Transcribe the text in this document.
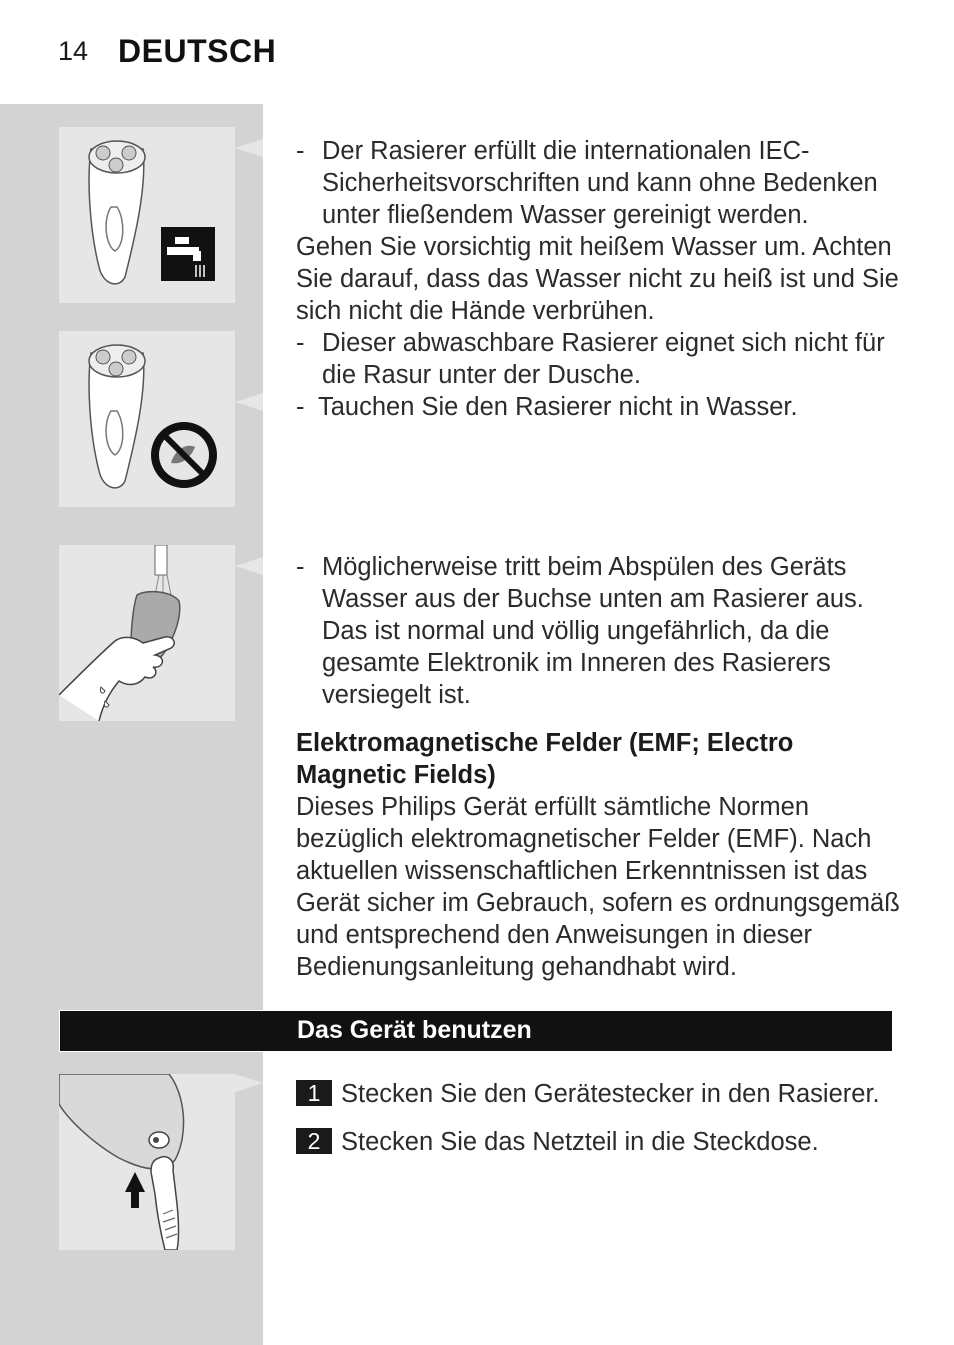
14 DEUTSCH
- Der Rasierer erfüllt die internationalen IEC-Sicherheitsvorschriften und kann ohne Bedenken unter fließendem Wasser gereinigt werden.
Gehen Sie vorsichtig mit heißem Wasser um. Achten Sie darauf, dass das Wasser nicht zu heiß ist und Sie sich nicht die Hände verbrühen.
- Dieser abwaschbare Rasierer eignet sich nicht für die Rasur unter der Dusche.
- Tauchen Sie den Rasierer nicht in Wasser.
- Möglicherweise tritt beim Abspülen des Geräts Wasser aus der Buchse unten am Rasierer aus. Das ist normal und völlig ungefährlich, da die gesamte Elektronik im Inneren des Rasierers versiegelt ist.
Elektromagnetische Felder (EMF; Electro Magnetic Fields)
Dieses Philips Gerät erfüllt sämtliche Normen bezüglich elektromagnetischer Felder (EMF). Nach aktuellen wissenschaftlichen Erkenntnissen ist das Gerät sicher im Gebrauch, sofern es ordnungsgemäß und entsprechend den Anweisungen in dieser Bedienungsanleitung gehandhabt wird.
Das Gerät benutzen
1 Stecken Sie den Gerätestecker in den Rasierer.
2 Stecken Sie das Netzteil in die Steckdose.
